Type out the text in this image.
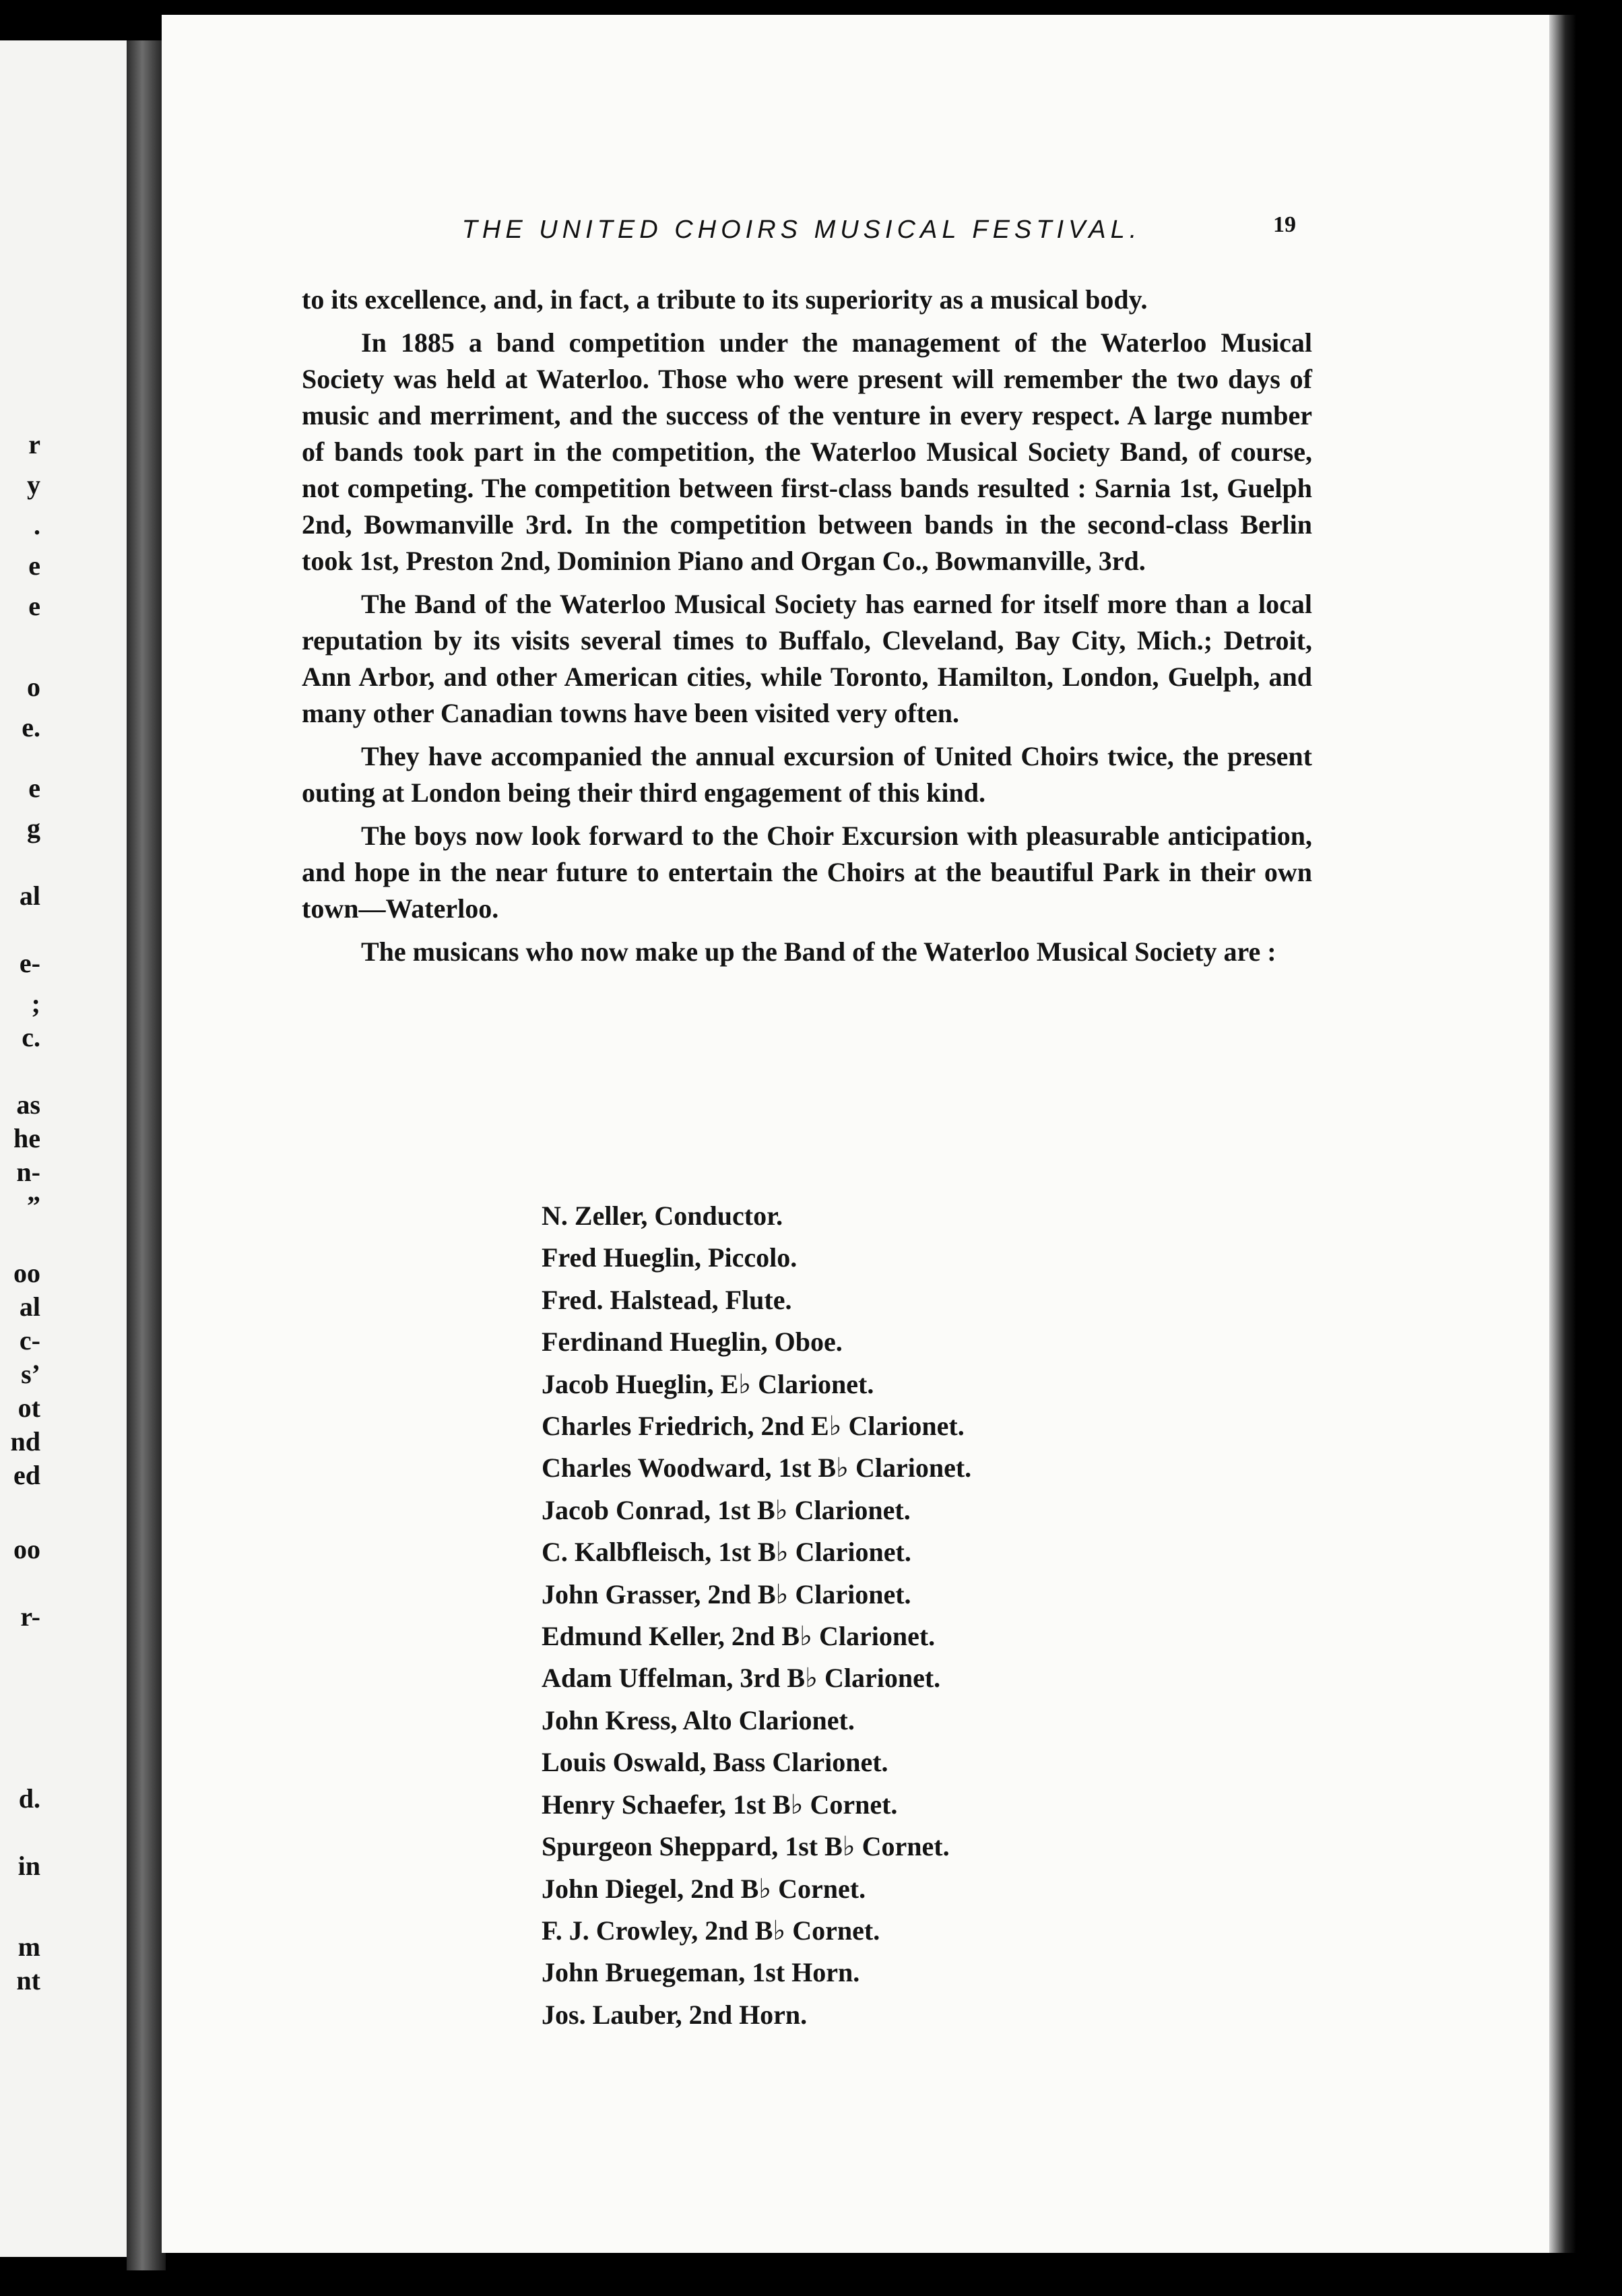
r
y
.
e
e
o
e.
e
g
al
e-
;
c.
as
he
n-
”
oo
al
c-
s’
ot
nd
ed
oo
r-
d.
in
m
nt
THE UNITED CHOIRS MUSICAL FESTIVAL.	19

to its excellence, and, in fact, a tribute to its superiority as a musical body.

In 1885 a band competition under the management of the Waterloo Musical Society was held at Waterloo. Those who were present will remember the two days of music and merriment, and the success of the venture in every respect. A large number of bands took part in the competition, the Waterloo Musical Society Band, of course, not competing. The competition between first-class bands resulted : Sarnia 1st, Guelph 2nd, Bowmanville 3rd. In the competition between bands in the second-class Berlin took 1st, Preston 2nd, Dominion Piano and Organ Co., Bowmanville, 3rd.

The Band of the Waterloo Musical Society has earned for itself more than a local reputation by its visits several times to Buffalo, Cleveland, Bay City, Mich.; Detroit, Ann Arbor, and other American cities, while Toronto, Hamilton, London, Guelph, and many other Canadian towns have been visited very often.

They have accompanied the annual excursion of United Choirs twice, the present outing at London being their third engagement of this kind.

The boys now look forward to the Choir Excursion with pleasurable anticipation, and hope in the near future to entertain the Choirs at the beautiful Park in their own town—Waterloo.

The musicans who now make up the Band of the Waterloo Musical Society are :

N. Zeller, Conductor.
Fred Hueglin, Piccolo.
Fred. Halstead, Flute.
Ferdinand Hueglin, Oboe.
Jacob Hueglin, E♭ Clarionet.
Charles Friedrich, 2nd E♭ Clarionet.
Charles Woodward, 1st B♭ Clarionet.
Jacob Conrad, 1st B♭ Clarionet.
C. Kalbfleisch, 1st B♭ Clarionet.
John Grasser, 2nd B♭ Clarionet.
Edmund Keller, 2nd B♭ Clarionet.
Adam Uffelman, 3rd B♭ Clarionet.
John Kress, Alto Clarionet.
Louis Oswald, Bass Clarionet.
Henry Schaefer, 1st B♭ Cornet.
Spurgeon Sheppard, 1st B♭ Cornet.
John Diegel, 2nd B♭ Cornet.
F. J. Crowley, 2nd B♭ Cornet.
John Bruegeman, 1st Horn.
Jos. Lauber, 2nd Horn.
